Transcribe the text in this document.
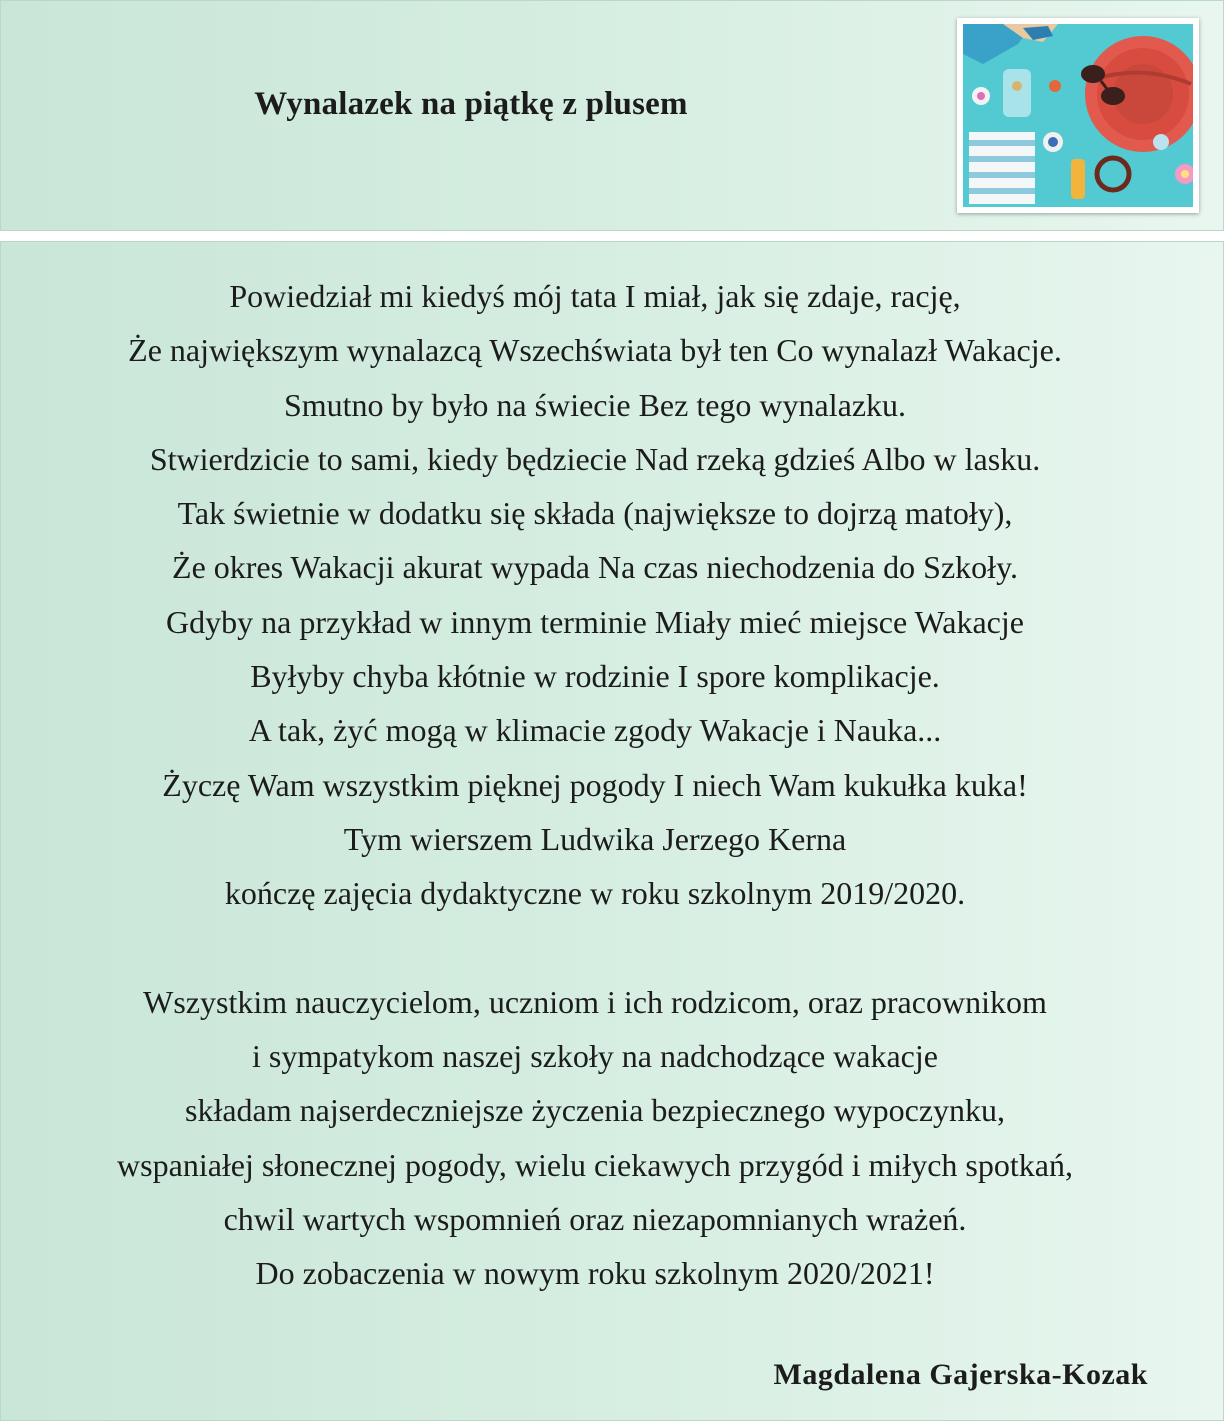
Wynalazek na piątkę z plusem
Powiedział mi kiedyś mój tata I miał, jak się zdaje, rację,
Że największym wynalazcą Wszechświata był ten Co wynalazł Wakacje.
Smutno by było na świecie Bez tego wynalazku.
Stwierdzicie to sami, kiedy będziecie Nad rzeką gdzieś Albo w lasku.
Tak świetnie w dodatku się składa (największe to dojrzą matoły),
Że okres Wakacji akurat wypada Na czas niechodzenia do Szkoły.
Gdyby na przykład w innym terminie Miały mieć miejsce Wakacje
Byłyby chyba kłótnie w rodzinie I spore komplikacje.
A tak, żyć mogą w klimacie zgody Wakacje i Nauka...
Życzę Wam wszystkim pięknej pogody I niech Wam kukułka kuka!
Tym wierszem Ludwika Jerzego Kerna
kończę zajęcia dydaktyczne w roku szkolnym 2019/2020.
Wszystkim nauczycielom, uczniom i ich rodzicom, oraz pracownikom
i sympatykom naszej szkoły na nadchodzące wakacje
składam najserdeczniejsze życzenia bezpiecznego wypoczynku,
wspaniałej słonecznej pogody, wielu ciekawych przygód i miłych spotkań,
chwil wartych wspomnień oraz niezapomnianych wrażeń.
Do zobaczenia w nowym roku szkolnym 2020/2021!
Magdalena Gajerska-Kozak
